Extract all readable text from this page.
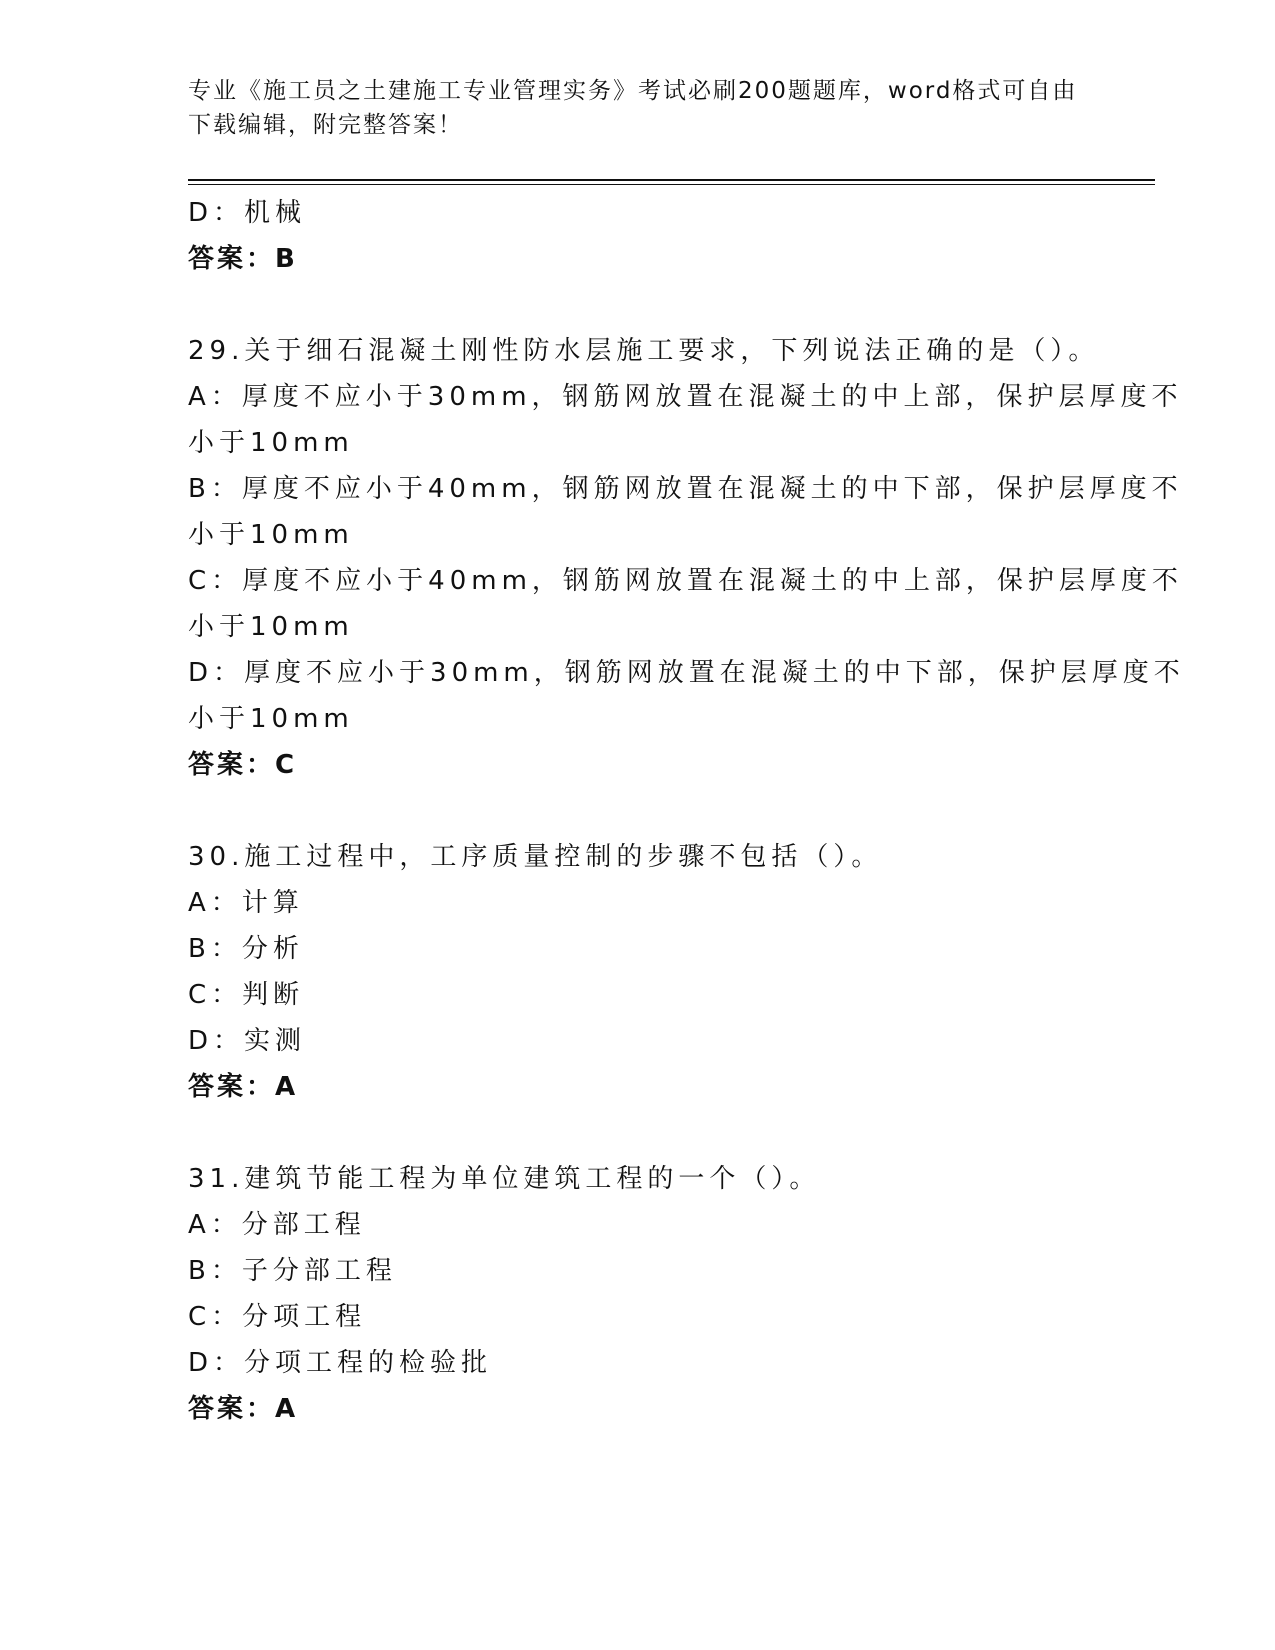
专业《施工员之土建施工专业管理实务》考试必刷200题题库，word格式可自由
下载编辑，附完整答案！
D：机械
答案：B
29.关于细石混凝土刚性防水层施工要求，下列说法正确的是（）。
A：厚度不应小于30mm，钢筋网放置在混凝土的中上部，保护层厚度不
小于10mm
B：厚度不应小于40mm，钢筋网放置在混凝土的中下部，保护层厚度不
小于10mm
C：厚度不应小于40mm，钢筋网放置在混凝土的中上部，保护层厚度不
小于10mm
D：厚度不应小于30mm，钢筋网放置在混凝土的中下部，保护层厚度不
小于10mm
答案：C
30.施工过程中，工序质量控制的步骤不包括（）。
A：计算
B：分析
C：判断
D：实测
答案：A
31.建筑节能工程为单位建筑工程的一个（）。
A：分部工程
B：子分部工程
C：分项工程
D：分项工程的检验批
答案：A
